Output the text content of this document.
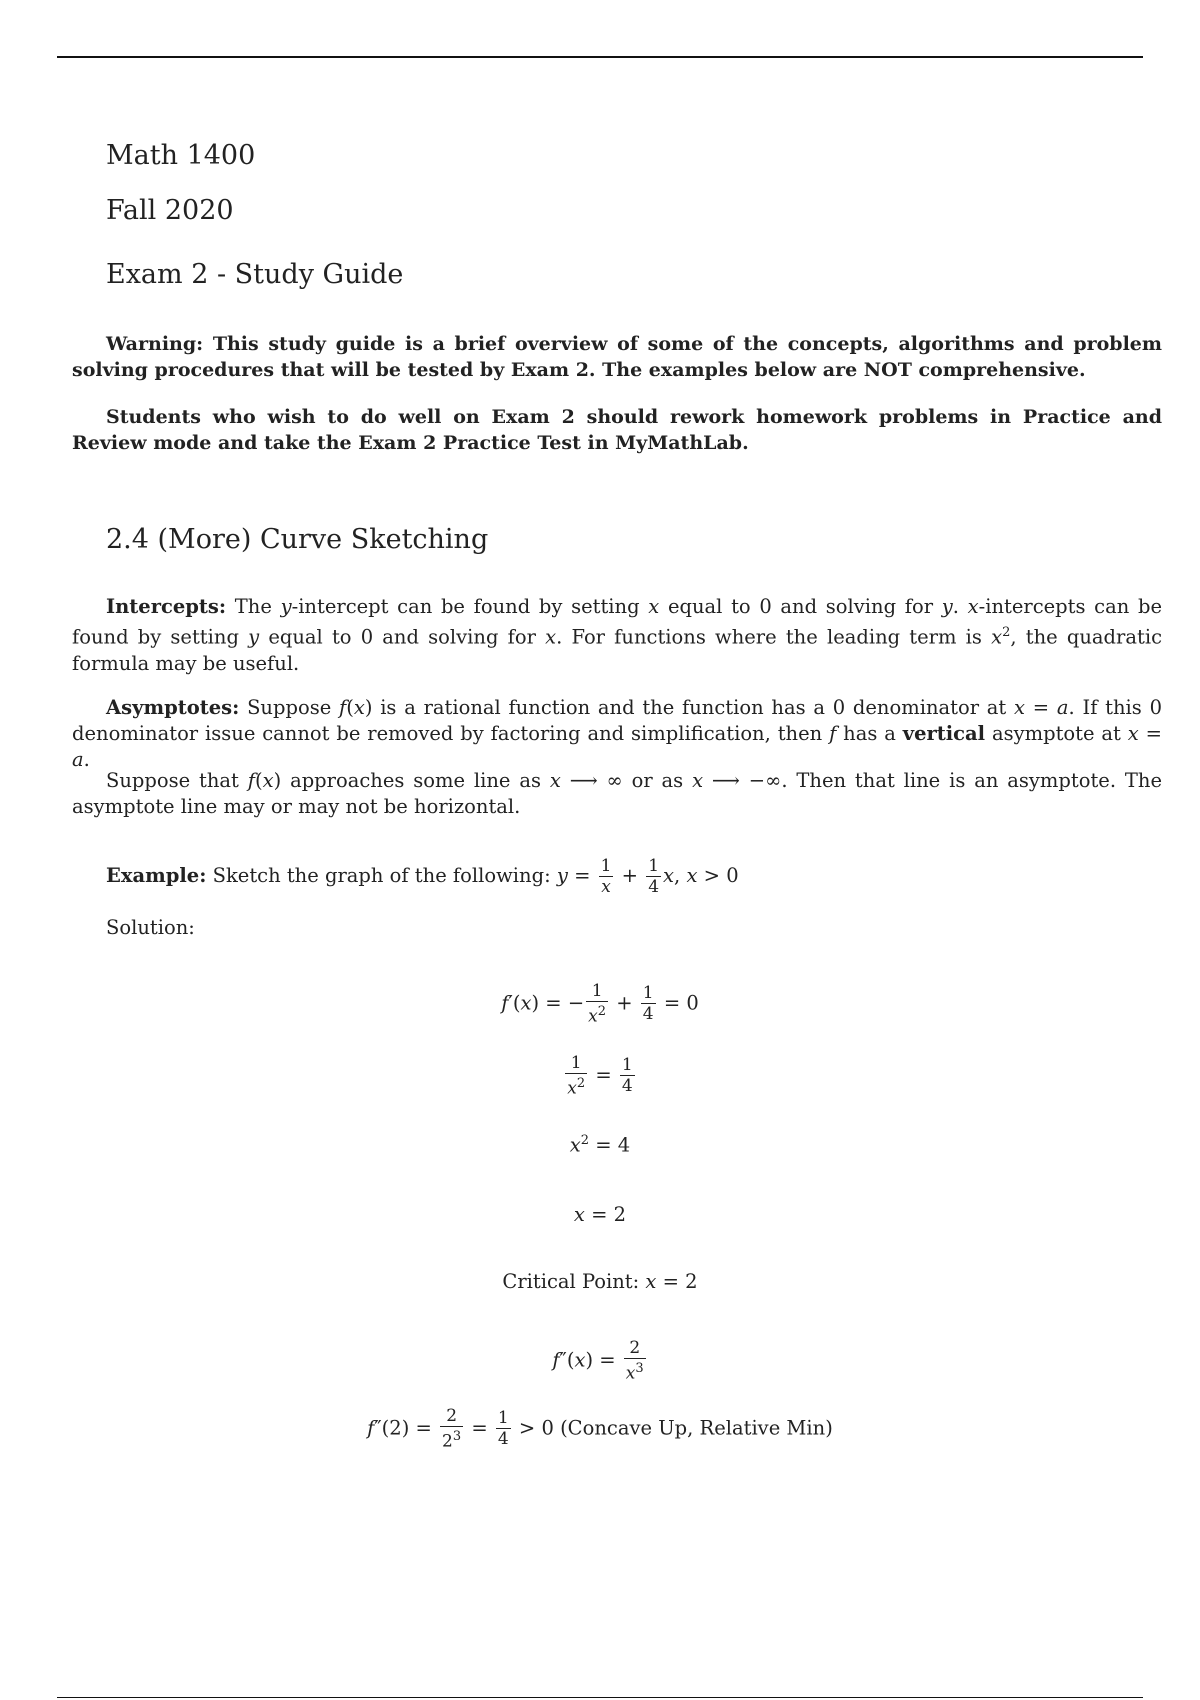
Math 1400
Fall 2020
Exam 2 - Study Guide
Warning: This study guide is a brief overview of some of the concepts, algorithms and problem solving procedures that will be tested by Exam 2. The examples below are NOT comprehensive.
Students who wish to do well on Exam 2 should rework homework problems in Practice and Review mode and take the Exam 2 Practice Test in MyMathLab.
2.4 (More) Curve Sketching
Intercepts: The y-intercept can be found by setting x equal to 0 and solving for y. x-intercepts can be found by setting y equal to 0 and solving for x. For functions where the leading term is $x^2$, the quadratic formula may be useful.
Asymptotes: Suppose f(x) is a rational function and the function has a 0 denominator at x = a. If this 0 denominator issue cannot be removed by factoring and simplification, then f has a vertical asymptote at x = a.
Suppose that f(x) approaches some line as x ⟶ ∞ or as x ⟶ −∞. Then that line is an asymptote. The asymptote line may or may not be horizontal.
Example: Sketch the graph of the following: $y = \frac{1}{x} + \frac{1}{4} x$, x > 0
Solution:
f′(x) = − $\frac{1}{x^2} + \frac{1}{4} = 0$
$\frac{1}{x^2} = \frac{1}{4}$
$x^2 = 4$
x = 2
Critical Point: x = 2
$f''(x) = \frac{2}{x^3}$
$f''(2) = \frac{2}{2^3} = \frac{1}{4} > 0$ (Concave Up, Relative Min)
